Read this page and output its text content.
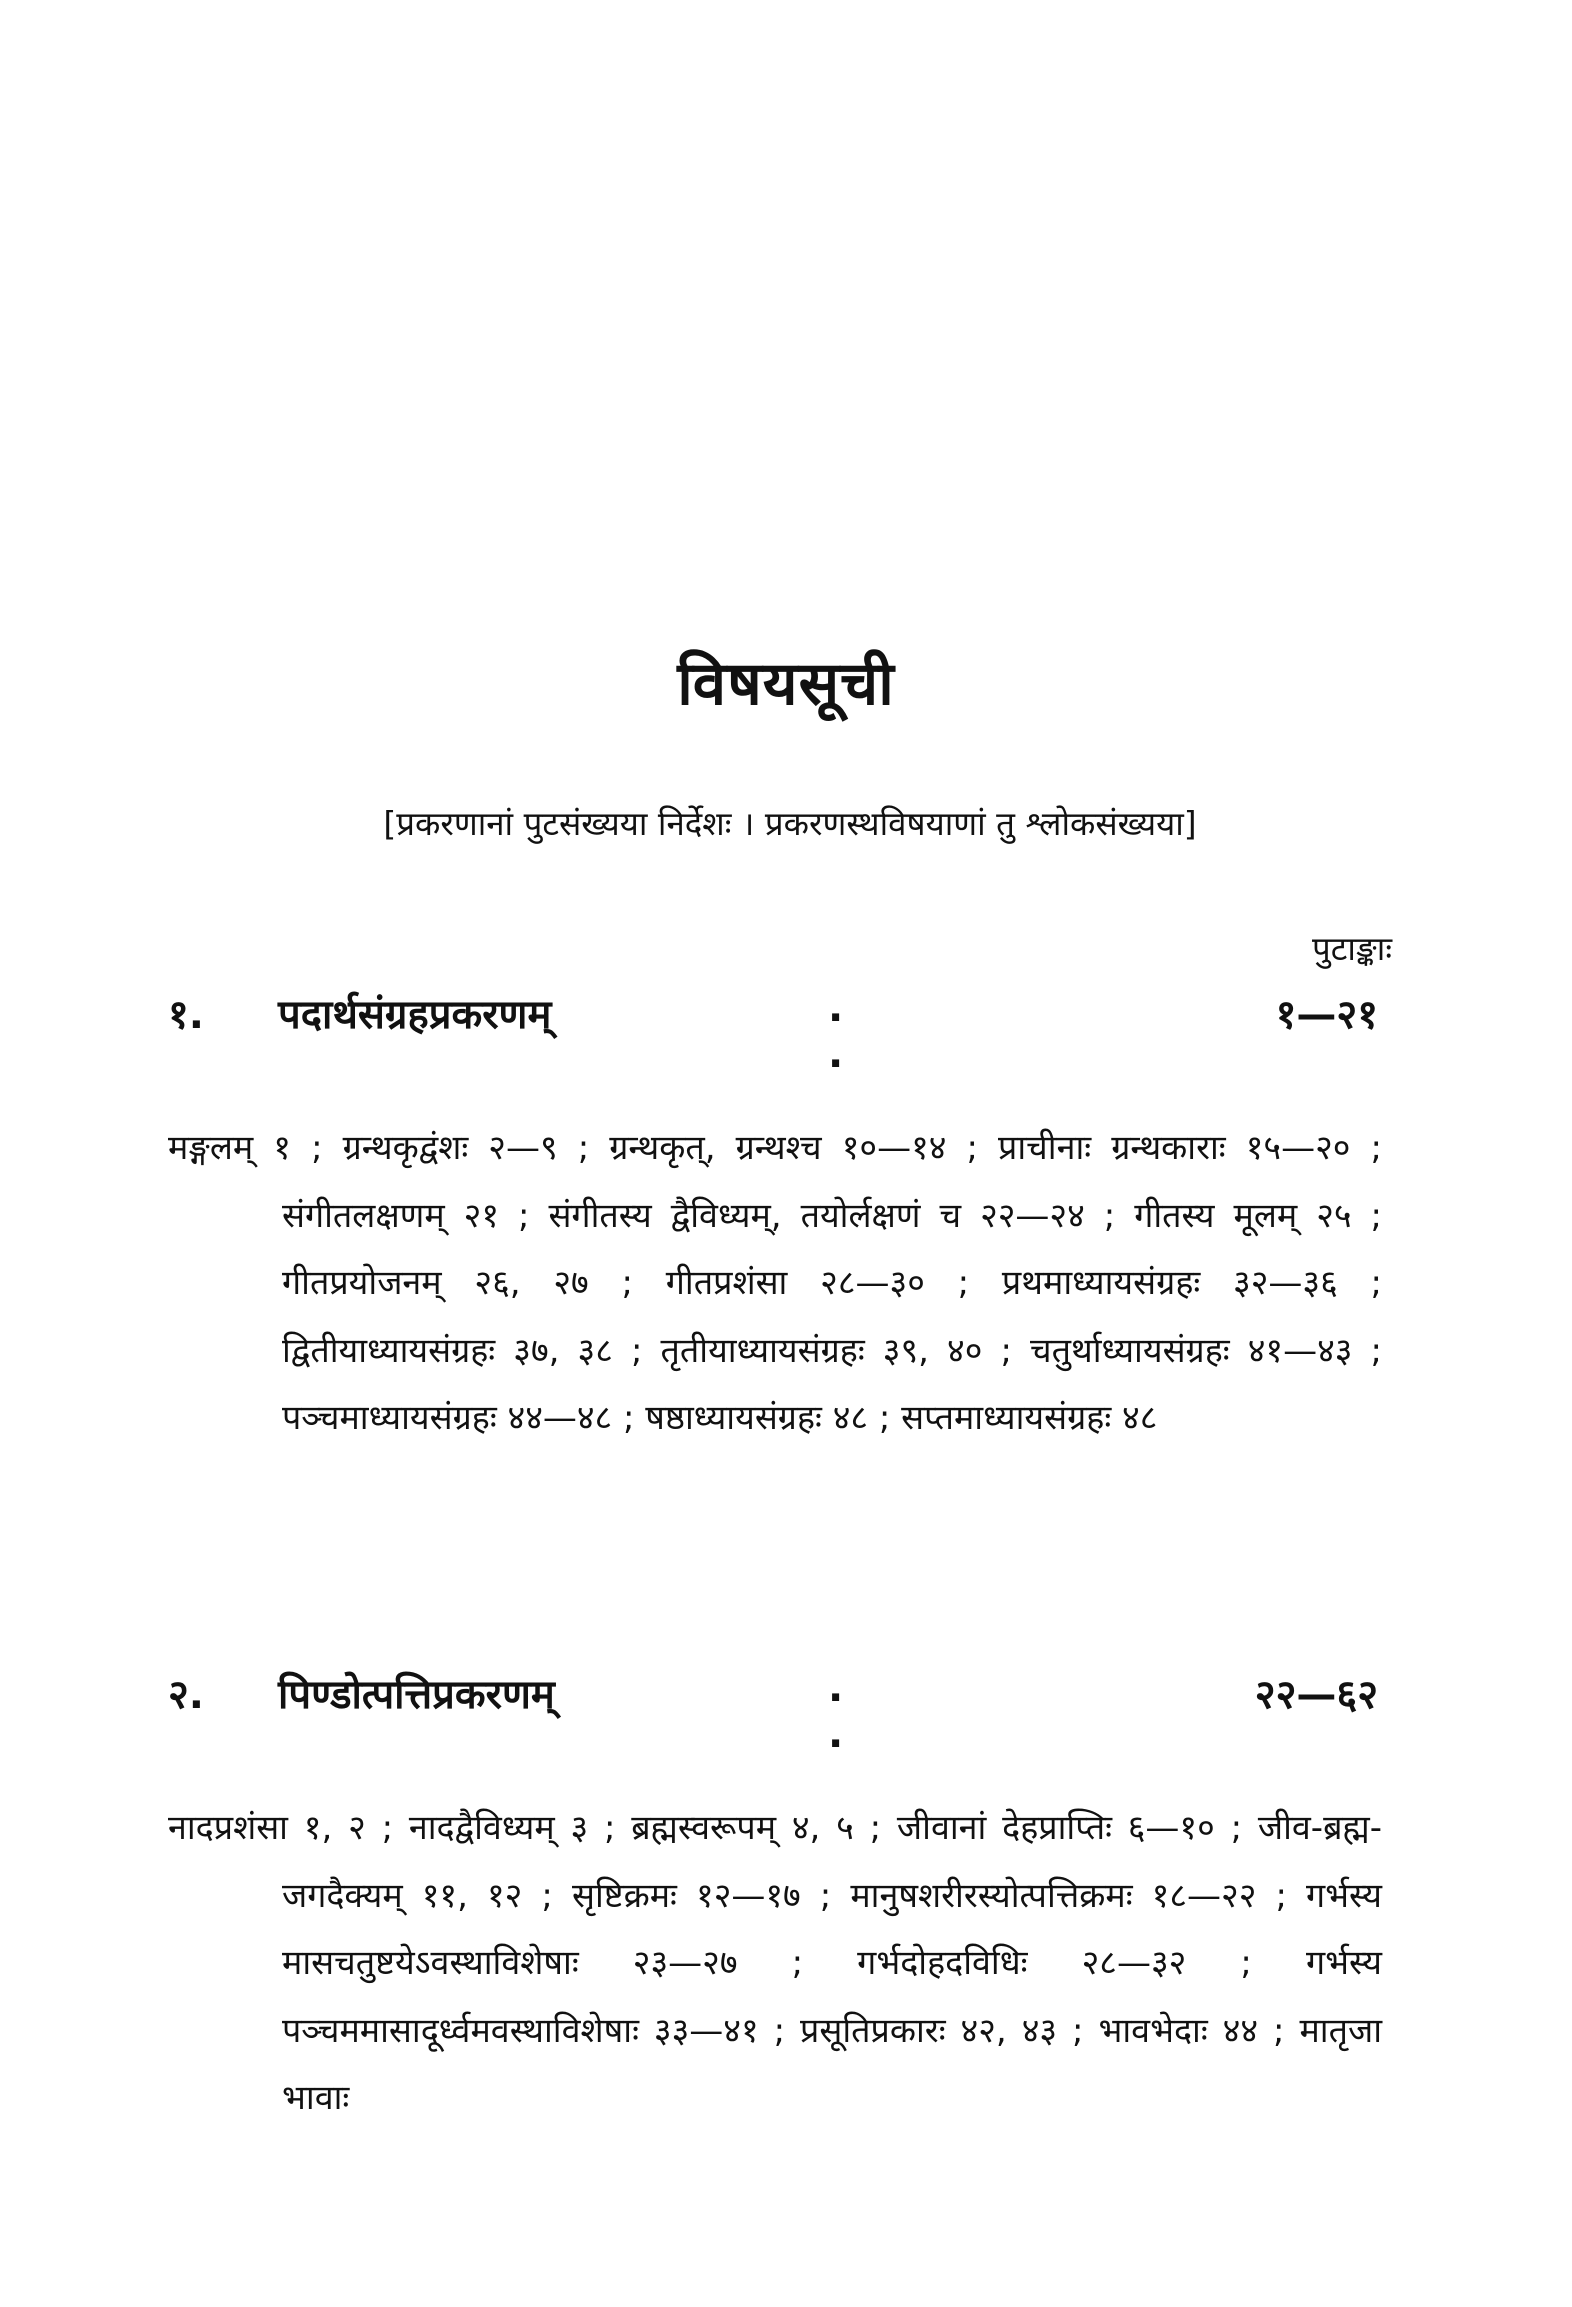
विषयसूची
[प्रकरणानां पुटसंख्यया निर्देशः । प्रकरणस्थविषयाणां तु श्लोकसंख्यया]
पुटाङ्काः
१. पदार्थसंग्रहप्रकरणम्	. .
१—२१
मङ्गलम् १ ; ग्रन्थकृद्वंशः २—९ ; ग्रन्थकृत्, ग्रन्थश्च १०—१४ ; प्राचीनाः ग्रन्थकाराः १५—२० ; संगीतलक्षणम् २१ ; संगीतस्य द्वैविध्यम्, तयोर्लक्षणं च २२—२४ ; गीतस्य मूलम् २५ ; गीतप्रयोजनम् २६, २७ ; गीतप्रशंसा २८—३० ; प्रथमाध्यायसंग्रहः ३२—३६ ; द्वितीयाध्यायसंग्रहः ३७, ३८ ; तृतीयाध्यायसंग्रहः ३९, ४० ; चतुर्थाध्यायसंग्रहः ४१—४३ ; पञ्चमाध्यायसंग्रहः ४४—४८ ; षष्ठाध्यायसंग्रहः ४८ ; सप्तमाध्यायसंग्रहः ४८
२. पिण्डोत्पत्तिप्रकरणम्	. .
२२—६२
नादप्रशंसा १, २ ; नादद्वैविध्यम् ३ ; ब्रह्मस्वरूपम् ४, ५ ; जीवानां देहप्राप्तिः ६—१० ; जीव-ब्रह्म-जगदैक्यम् ११, १२ ; सृष्टिक्रमः १२—१७ ; मानुषशरीरस्योत्पत्तिक्रमः १८—२२ ; गर्भस्य मासचतुष्टयेऽवस्थाविशेषाः २३—२७ ; गर्भदोहदविधिः २८—३२ ; गर्भस्य पञ्चममासादूर्ध्वमवस्थाविशेषाः ३३—४१ ; प्रसूतिप्रकारः ४२, ४३ ; भावभेदाः ४४ ; मातृजा भावाः
